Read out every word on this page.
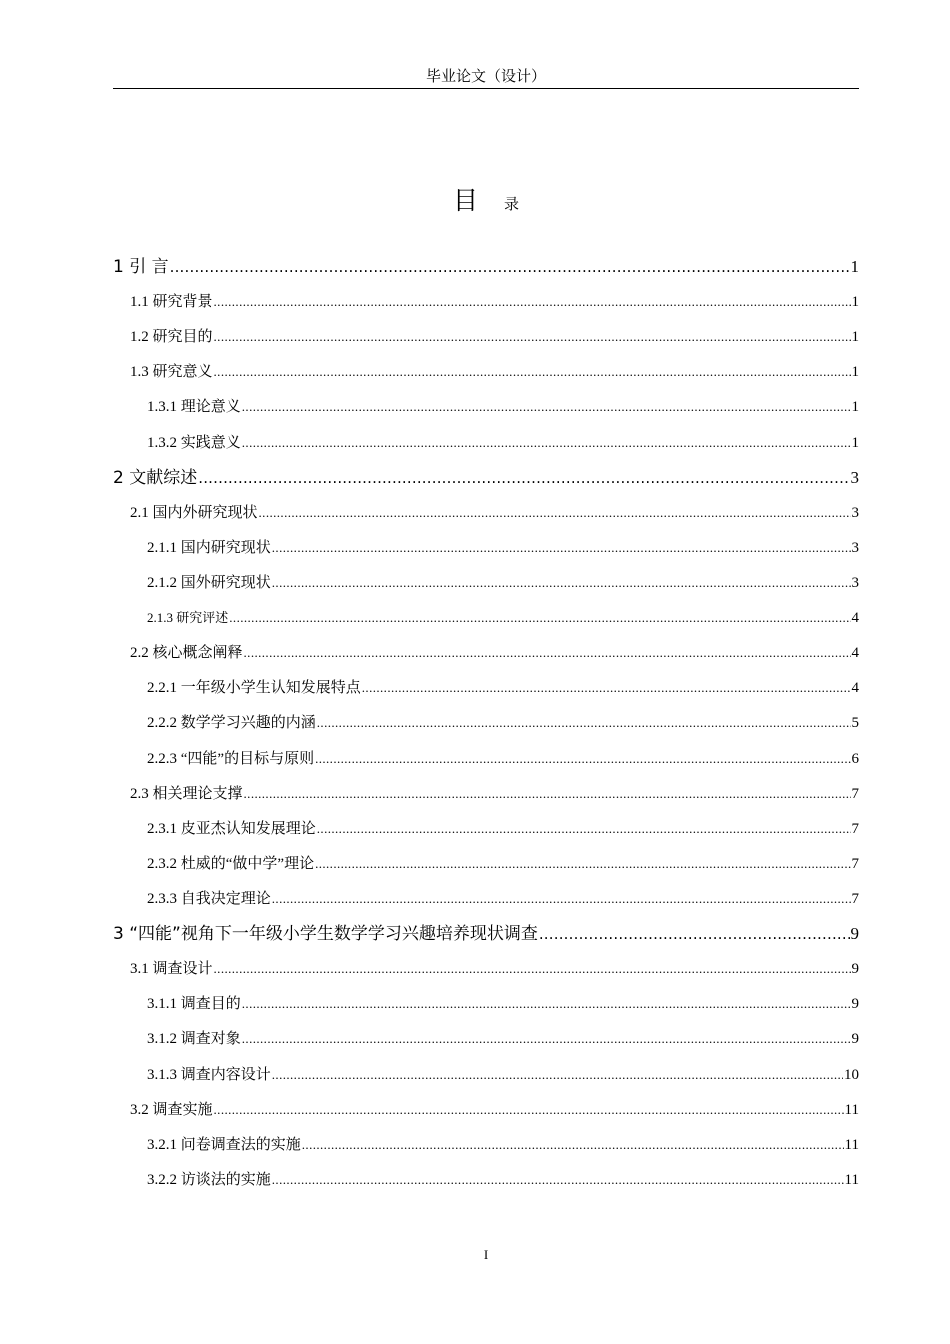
毕业论文（设计）
目 录
1 引 言 .....	1
1.1 研究背景 .....	1
1.2 研究目的 .....	1
1.3 研究意义 .....	1
1.3.1 理论意义 .....	1
1.3.2 实践意义 .....	1
2 文献综述 .....	3
2.1 国内外研究现状 .....	3
2.1.1 国内研究现状 .....	3
2.1.2 国外研究现状 .....	3
2.1.3 研究评述 .....	4
2.2 核心概念阐释 .....	4
2.2.1 一年级小学生认知发展特点 .....	4
2.2.2 数学学习兴趣的内涵 .....	5
2.2.3 “四能”的目标与原则 .....	6
2.3 相关理论支撑 .....	7
2.3.1 皮亚杰认知发展理论 .....	7
2.3.2 杜威的“做中学”理论 .....	7
2.3.3 自我决定理论 .....	7
3 “四能”视角下一年级小学生数学学习兴趣培养现状调查 .....	9
3.1 调查设计 .....	9
3.1.1 调查目的 .....	9
3.1.2 调查对象 .....	9
3.1.3 调查内容设计 .....	10
3.2 调查实施 .....	11
3.2.1 问卷调查法的实施 .....	11
3.2.2 访谈法的实施 .....	11
I
